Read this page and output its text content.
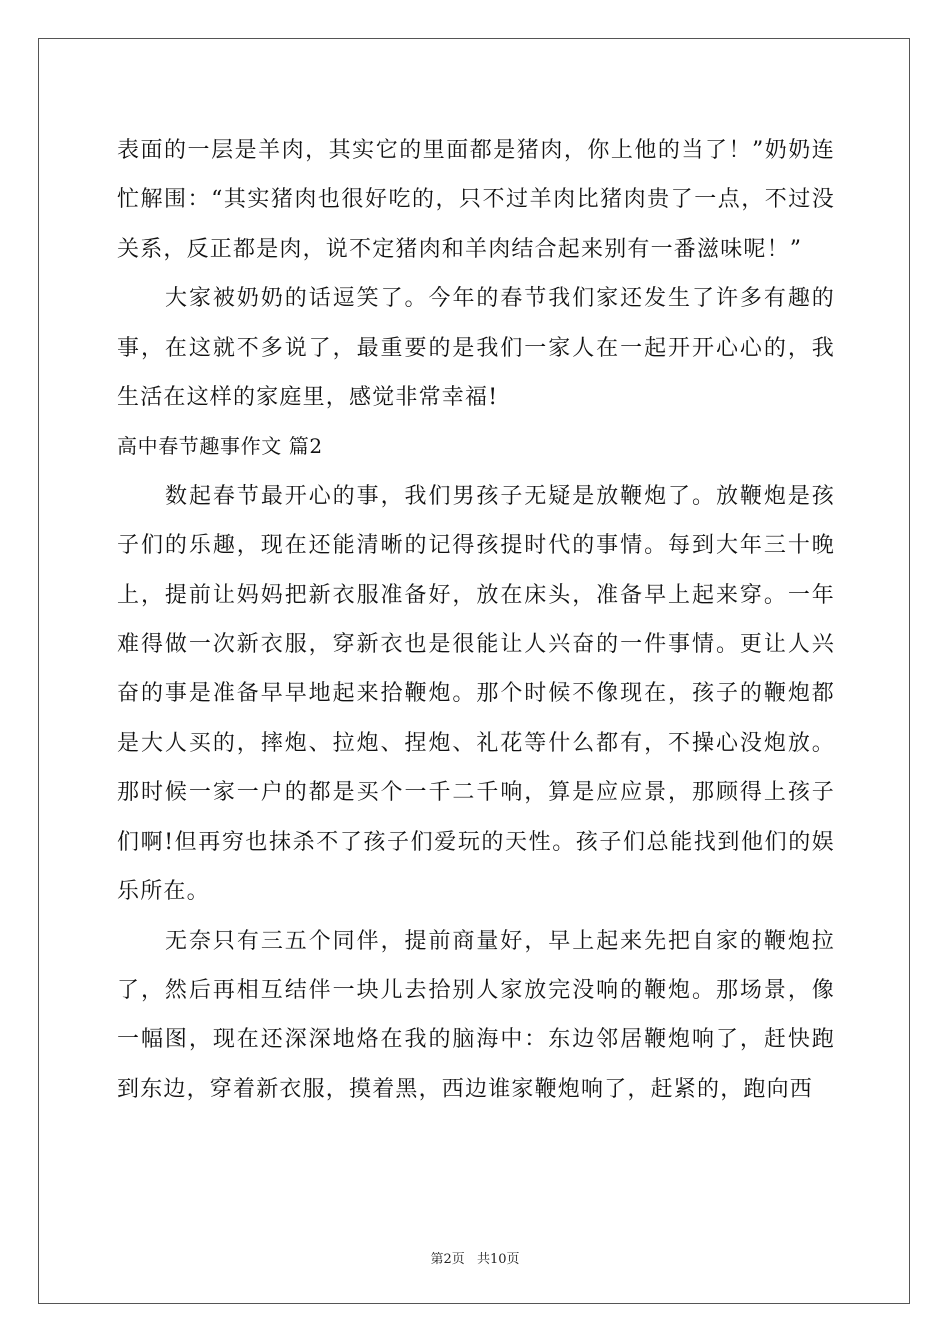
表面的一层是羊肉，其实它的里面都是猪肉，你上他的当了！”奶奶连忙解围：“其实猪肉也很好吃的，只不过羊肉比猪肉贵了一点，不过没关系，反正都是肉，说不定猪肉和羊肉结合起来别有一番滋味呢！”

大家被奶奶的话逗笑了。今年的春节我们家还发生了许多有趣的事，在这就不多说了，最重要的是我们一家人在一起开开心心的，我生活在这样的家庭里，感觉非常幸福!

高中春节趣事作文 篇2

数起春节最开心的事，我们男孩子无疑是放鞭炮了。放鞭炮是孩子们的乐趣，现在还能清晰的记得孩提时代的事情。每到大年三十晚上，提前让妈妈把新衣服准备好，放在床头，准备早上起来穿。一年难得做一次新衣服，穿新衣也是很能让人兴奋的一件事情。更让人兴奋的事是准备早早地起来拾鞭炮。那个时候不像现在，孩子的鞭炮都是大人买的，摔炮、拉炮、捏炮、礼花等什么都有，不操心没炮放。那时候一家一户的都是买个一千二千响，算是应应景，那顾得上孩子们啊!但再穷也抹杀不了孩子们爱玩的天性。孩子们总能找到他们的娱乐所在。

无奈只有三五个同伴，提前商量好，早上起来先把自家的鞭炮拉了，然后再相互结伴一块儿去拾别人家放完没响的鞭炮。那场景，像一幅图，现在还深深地烙在我的脑海中：东边邻居鞭炮响了，赶快跑到东边，穿着新衣服，摸着黑，西边谁家鞭炮响了，赶紧的，跑向西

第2页 共10页
